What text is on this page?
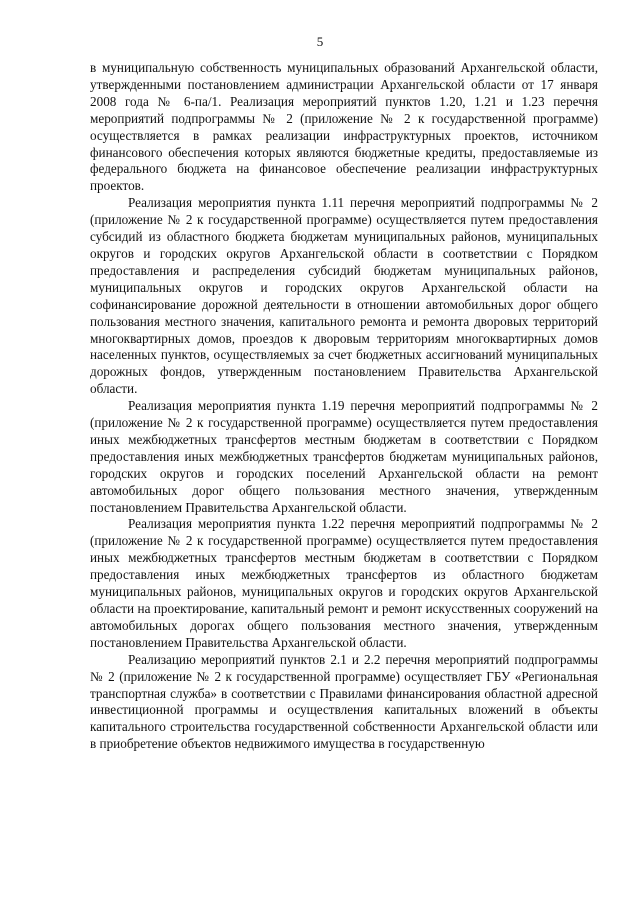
5

в муниципальную собственность муниципальных образований Архангельской области, утвержденными постановлением администрации Архангельской области от 17 января 2008 года № 6-па/1. Реализация мероприятий пунктов 1.20, 1.21 и 1.23 перечня мероприятий подпрограммы № 2 (приложение № 2 к государственной программе) осуществляется в рамках реализации инфраструктурных проектов, источником финансового обеспечения которых являются бюджетные кредиты, предоставляемые из федерального бюджета на финансовое обеспечение реализации инфраструктурных проектов.

Реализация мероприятия пункта 1.11 перечня мероприятий подпрограммы № 2 (приложение № 2 к государственной программе) осуществляется путем предоставления субсидий из областного бюджета бюджетам муниципальных районов, муниципальных округов и городских округов Архангельской области в соответствии с Порядком предоставления и распределения субсидий бюджетам муниципальных районов, муниципальных округов и городских округов Архангельской области на софинансирование дорожной деятельности в отношении автомобильных дорог общего пользования местного значения, капитального ремонта и ремонта дворовых территорий многоквартирных домов, проездов к дворовым территориям многоквартирных домов населенных пунктов, осуществляемых за счет бюджетных ассигнований муниципальных дорожных фондов, утвержденным постановлением Правительства Архангельской области.

Реализация мероприятия пункта 1.19 перечня мероприятий подпрограммы № 2 (приложение № 2 к государственной программе) осуществляется путем предоставления иных межбюджетных трансфертов местным бюджетам в соответствии с Порядком предоставления иных межбюджетных трансфертов бюджетам муниципальных районов, городских округов и городских поселений Архангельской области на ремонт автомобильных дорог общего пользования местного значения, утвержденным постановлением Правительства Архангельской области.

Реализация мероприятия пункта 1.22 перечня мероприятий подпрограммы № 2 (приложение № 2 к государственной программе) осуществляется путем предоставления иных межбюджетных трансфертов местным бюджетам в соответствии с Порядком предоставления иных межбюджетных трансфертов из областного бюджетам муниципальных районов, муниципальных округов и городских округов Архангельской области на проектирование, капитальный ремонт и ремонт искусственных сооружений на автомобильных дорогах общего пользования местного значения, утвержденным постановлением Правительства Архангельской области.

Реализацию мероприятий пунктов 2.1 и 2.2 перечня мероприятий подпрограммы № 2 (приложение № 2 к государственной программе) осуществляет ГБУ «Региональная транспортная служба» в соответствии с Правилами финансирования областной адресной инвестиционной программы и осуществления капитальных вложений в объекты капитального строительства государственной собственности Архангельской области или в приобретение объектов недвижимого имущества в государственную
